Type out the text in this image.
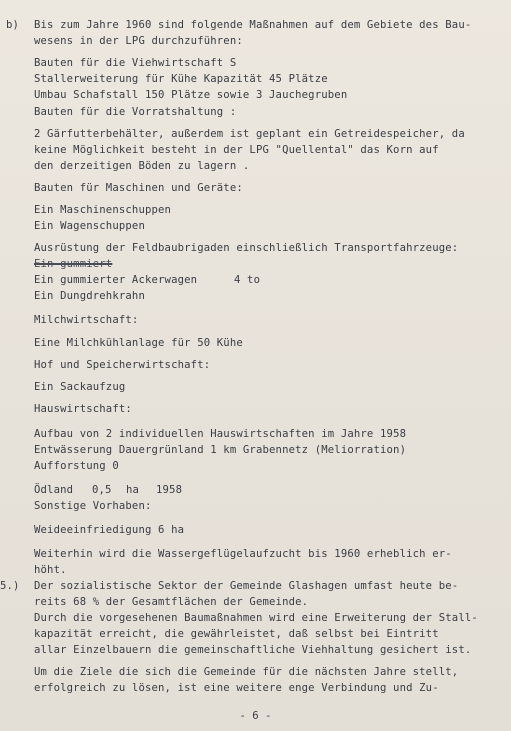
b) Bis zum Jahre 1960 sind folgende Maßnahmen auf dem Gebiete des Bau-
wesens in der LPG durchzuführen:
Bauten für die Viehwirtschaft S
Stallerweiterung für Kühe Kapazität 45 Plätze
Umbau Schafstall 150 Plätze sowie 3 Jauchegruben
Bauten für die Vorratshaltung :
2 Gärfutterbehälter, außerdem ist geplant ein Getreidespeicher, da
keine Möglichkeit besteht in der LPG "Quellental" das Korn auf
den derzeitigen Böden zu lagern .
Bauten für Maschinen und Geräte:
Ein Maschinenschuppen
Ein Wagenschuppen
Ausrüstung der Feldbaubrigaden einschließlich Transportfahrzeuge:
Ein gummiert
Ein gummierter Ackerwagen	4 to
Ein Dungdrehkrahn
Milchwirtschaft:
Eine Milchkühlanlage für 50 Kühe
Hof und Speicherwirtschaft:
Ein Sackaufzug
Hauswirtschaft:
Aufbau von 2 individuellen Hauswirtschaften im Jahre 1958
Entwässerung Dauergrünland 1 km Grabennetz (Meliorration)
Aufforstung 0
Ödland 0,5 ha 1958
Sonstige Vorhaben:
Weideeinfriedigung 6 ha
Weiterhin wird die Wassergeflügelaufzucht bis 1960 erheblich er-
höht.
5.) Der sozialistische Sektor der Gemeinde Glashagen umfast heute be-
reits 68 % der Gesamtflächen der Gemeinde.
Durch die vorgesehenen Baumaßnahmen wird eine Erweiterung der Stall-
kapazität erreicht, die gewährleistet, daß selbst bei Eintritt
allar Einzelbauern die gemeinschaftliche Viehhaltung gesichert ist.
Um die Ziele die sich die Gemeinde für die nächsten Jahre stellt,
erfolgreich zu lösen, ist eine weitere enge Verbindung und Zu-
- 6 -
